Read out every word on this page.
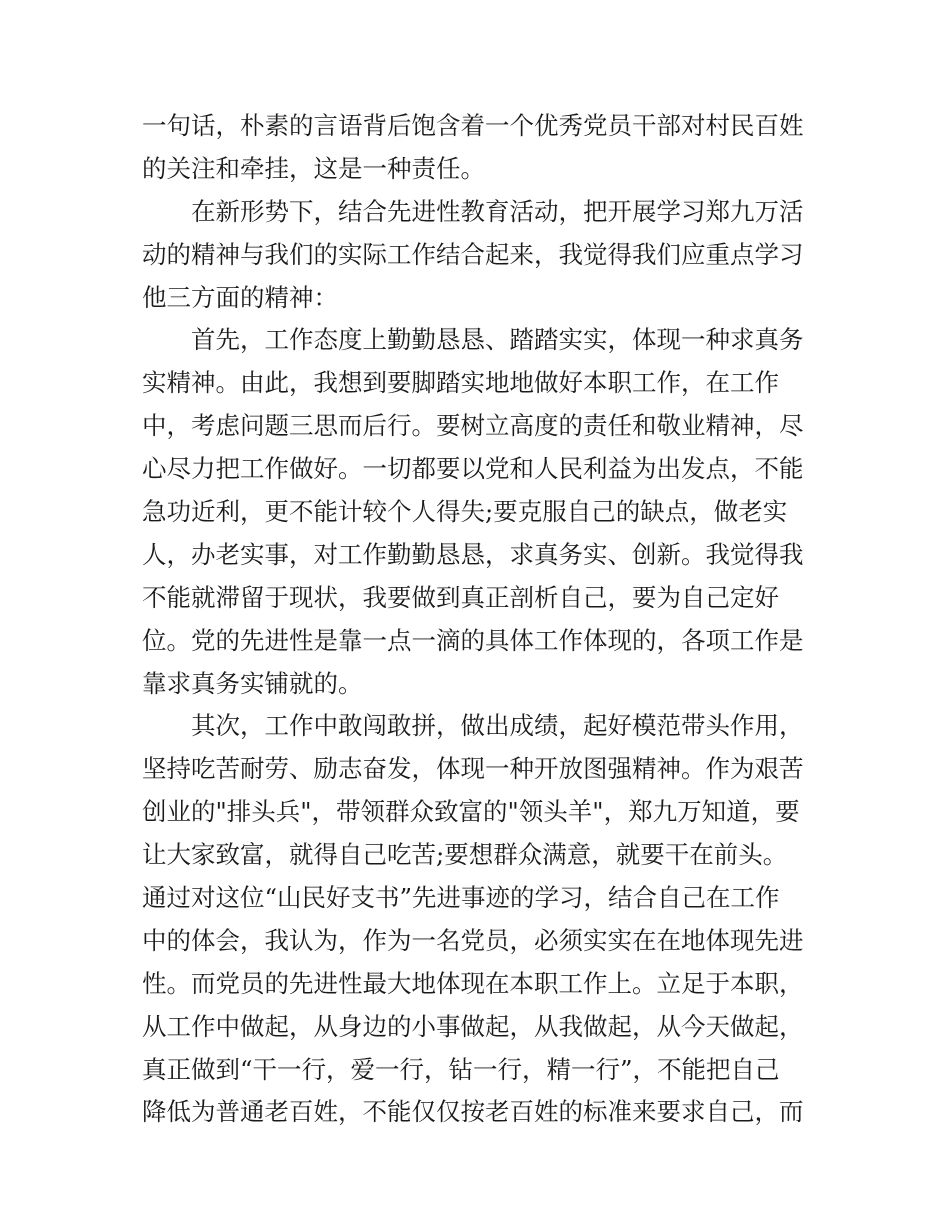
一句话，朴素的言语背后饱含着一个优秀党员干部对村民百姓
的关注和牵挂，这是一种责任。
在新形势下，结合先进性教育活动，把开展学习郑九万活
动的精神与我们的实际工作结合起来，我觉得我们应重点学习
他三方面的精神：
首先，工作态度上勤勤恳恳、踏踏实实，体现一种求真务
实精神。由此，我想到要脚踏实地地做好本职工作，在工作
中，考虑问题三思而后行。要树立高度的责任和敬业精神，尽
心尽力把工作做好。一切都要以党和人民利益为出发点，不能
急功近利，更不能计较个人得失;要克服自己的缺点，做老实
人，办老实事，对工作勤勤恳恳，求真务实、创新。我觉得我
不能就滞留于现状，我要做到真正剖析自己，要为自己定好
位。党的先进性是靠一点一滴的具体工作体现的，各项工作是
靠求真务实铺就的。
其次，工作中敢闯敢拼，做出成绩，起好模范带头作用，
坚持吃苦耐劳、励志奋发，体现一种开放图强精神。作为艰苦
创业的"排头兵"，带领群众致富的"领头羊"，郑九万知道，要
让大家致富，就得自己吃苦;要想群众满意，就要干在前头。
通过对这位“山民好支书”先进事迹的学习，结合自己在工作
中的体会，我认为，作为一名党员，必须实实在在地体现先进
性。而党员的先进性最大地体现在本职工作上。立足于本职，
从工作中做起，从身边的小事做起，从我做起，从今天做起，
真正做到“干一行，爱一行，钻一行，精一行”，不能把自己
降低为普通老百姓，不能仅仅按老百姓的标准来要求自己，而
